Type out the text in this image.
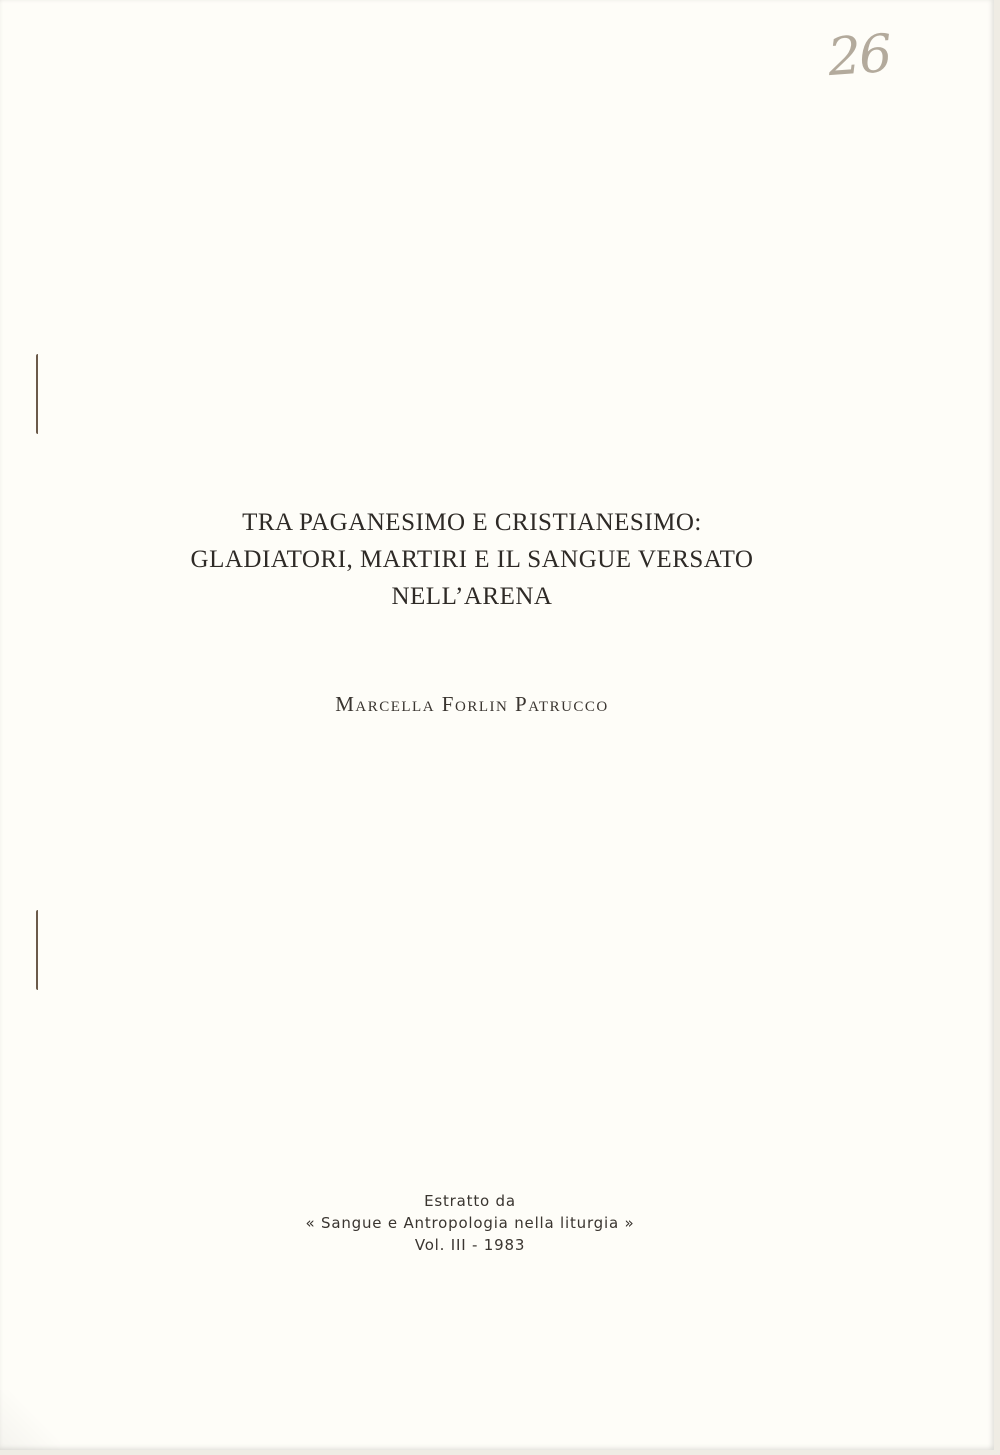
26
TRA PAGANESIMO E CRISTIANESIMO:
GLADIATORI, MARTIRI E IL SANGUE VERSATO
NELL’ARENA
Marcella Forlin Patrucco
Estratto da
« Sangue e Antropologia nella liturgia »
Vol. III - 1983
